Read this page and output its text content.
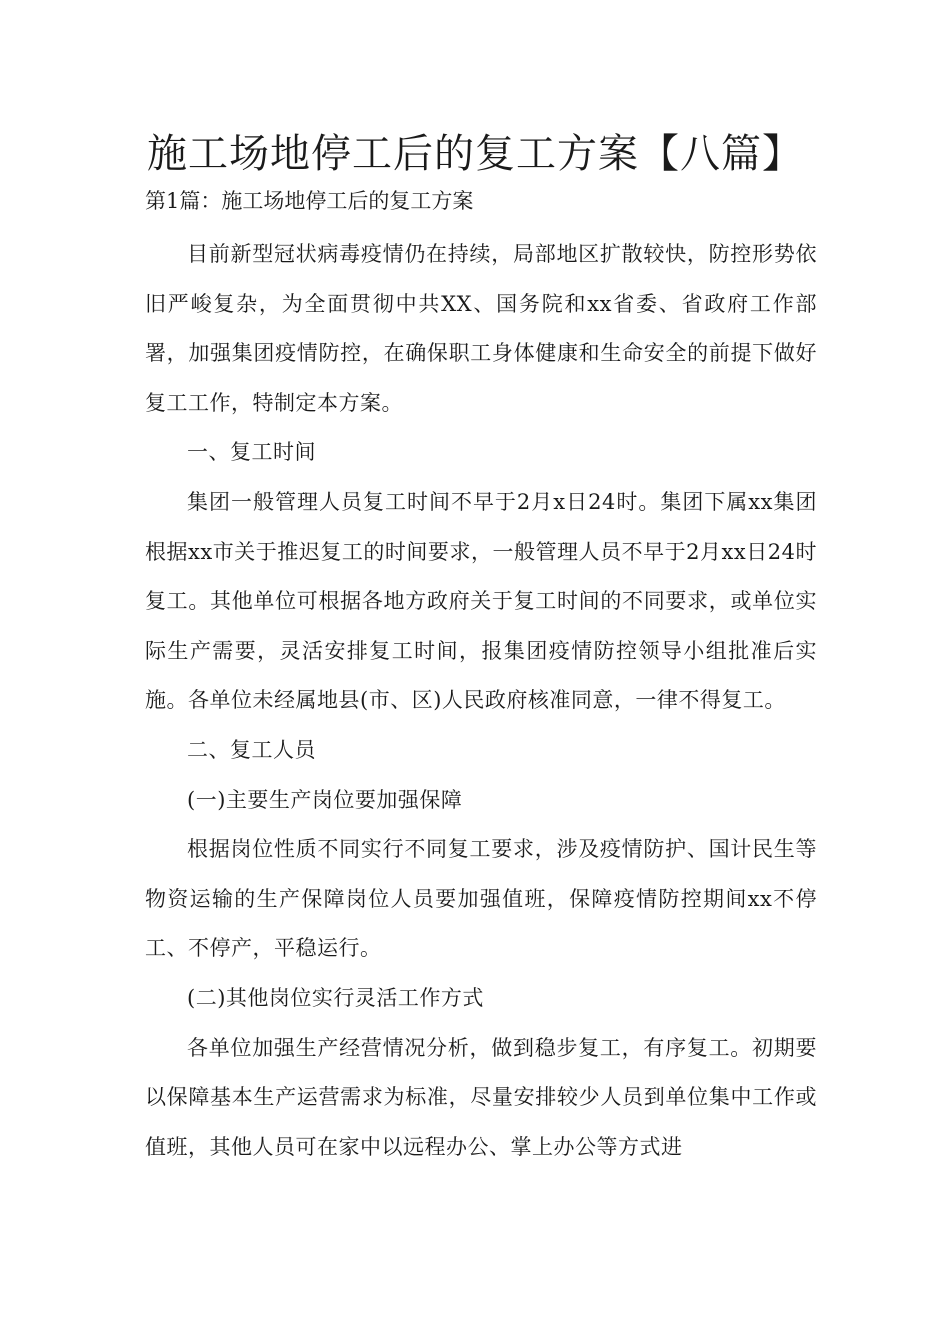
施工场地停工后的复工方案【八篇】
第1篇：施工场地停工后的复工方案

目前新型冠状病毒疫情仍在持续，局部地区扩散较快，防控形势依旧严峻复杂，为全面贯彻中共XX、国务院和xx省委、省政府工作部署，加强集团疫情防控，在确保职工身体健康和生命安全的前提下做好复工工作，特制定本方案。

一、复工时间

集团一般管理人员复工时间不早于2月x日24时。集团下属xx集团根据xx市关于推迟复工的时间要求，一般管理人员不早于2月xx日24时复工。其他单位可根据各地方政府关于复工时间的不同要求，或单位实际生产需要，灵活安排复工时间，报集团疫情防控领导小组批准后实施。各单位未经属地县(市、区)人民政府核准同意，一律不得复工。

二、复工人员

(一)主要生产岗位要加强保障

根据岗位性质不同实行不同复工要求，涉及疫情防护、国计民生等物资运输的生产保障岗位人员要加强值班，保障疫情防控期间xx不停工、不停产，平稳运行。

(二)其他岗位实行灵活工作方式

各单位加强生产经营情况分析，做到稳步复工，有序复工。初期要以保障基本生产运营需求为标准，尽量安排较少人员到单位集中工作或值班，其他人员可在家中以远程办公、掌上办公等方式进
